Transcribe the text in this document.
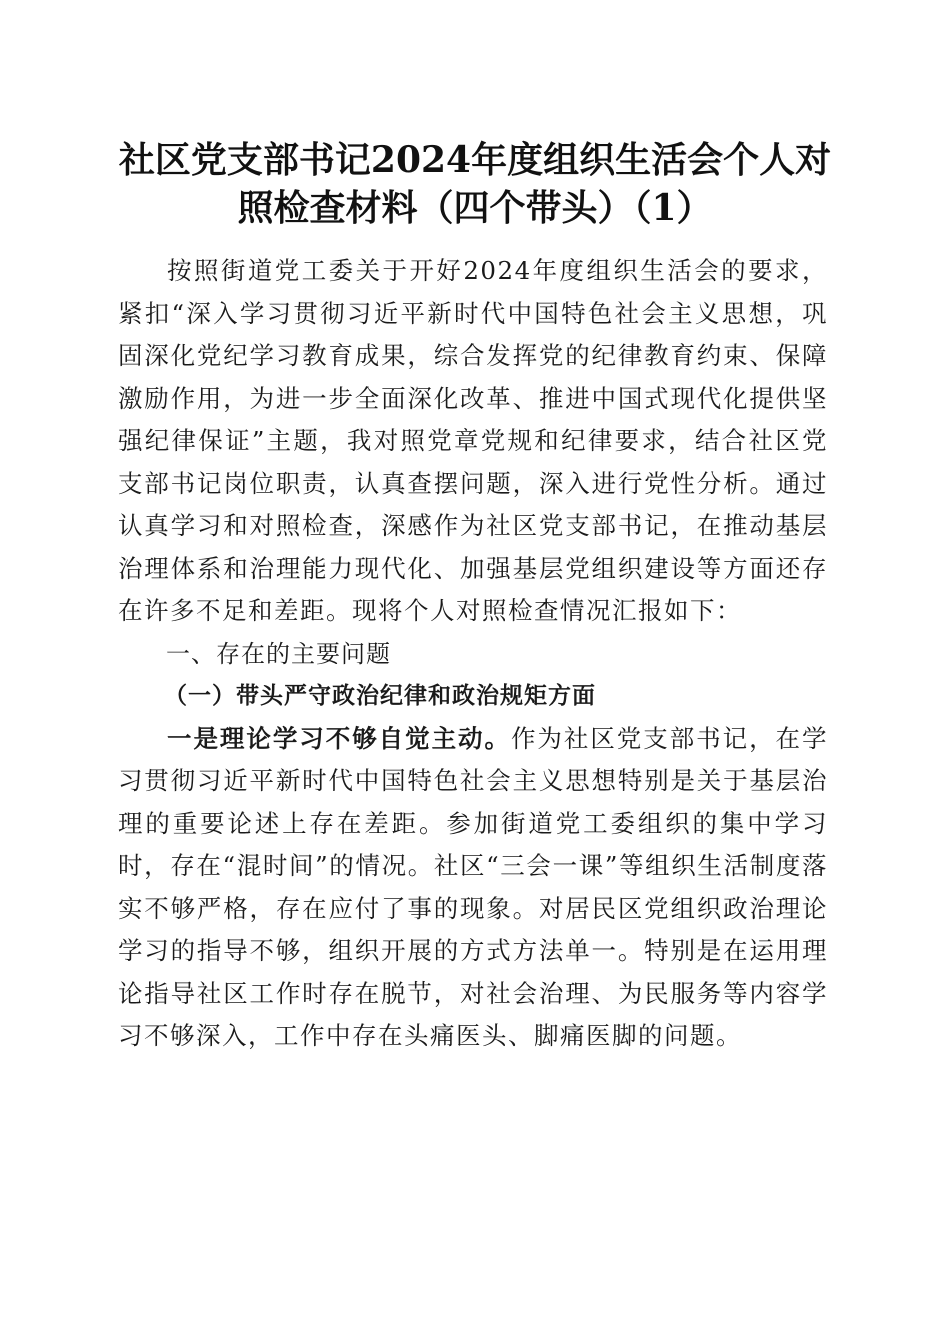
社区党支部书记2024年度组织生活会个人对
照检查材料（四个带头）（1）

按照街道党工委关于开好2024年度组织生活会的要求，紧扣“深入学习贯彻习近平新时代中国特色社会主义思想，巩固深化党纪学习教育成果，综合发挥党的纪律教育约束、保障激励作用，为进一步全面深化改革、推进中国式现代化提供坚强纪律保证”主题，我对照党章党规和纪律要求，结合社区党支部书记岗位职责，认真查摆问题，深入进行党性分析。通过认真学习和对照检查，深感作为社区党支部书记，在推动基层治理体系和治理能力现代化、加强基层党组织建设等方面还存在许多不足和差距。现将个人对照检查情况汇报如下：

一、存在的主要问题

（一）带头严守政治纪律和政治规矩方面

一是理论学习不够自觉主动。作为社区党支部书记，在学习贯彻习近平新时代中国特色社会主义思想特别是关于基层治理的重要论述上存在差距。参加街道党工委组织的集中学习时，存在“混时间”的情况。社区“三会一课”等组织生活制度落实不够严格，存在应付了事的现象。对居民区党组织政治理论学习的指导不够，组织开展的方式方法单一。特别是在运用理论指导社区工作时存在脱节，对社会治理、为民服务等内容学习不够深入，工作中存在头痛医头、脚痛医脚的问题。
